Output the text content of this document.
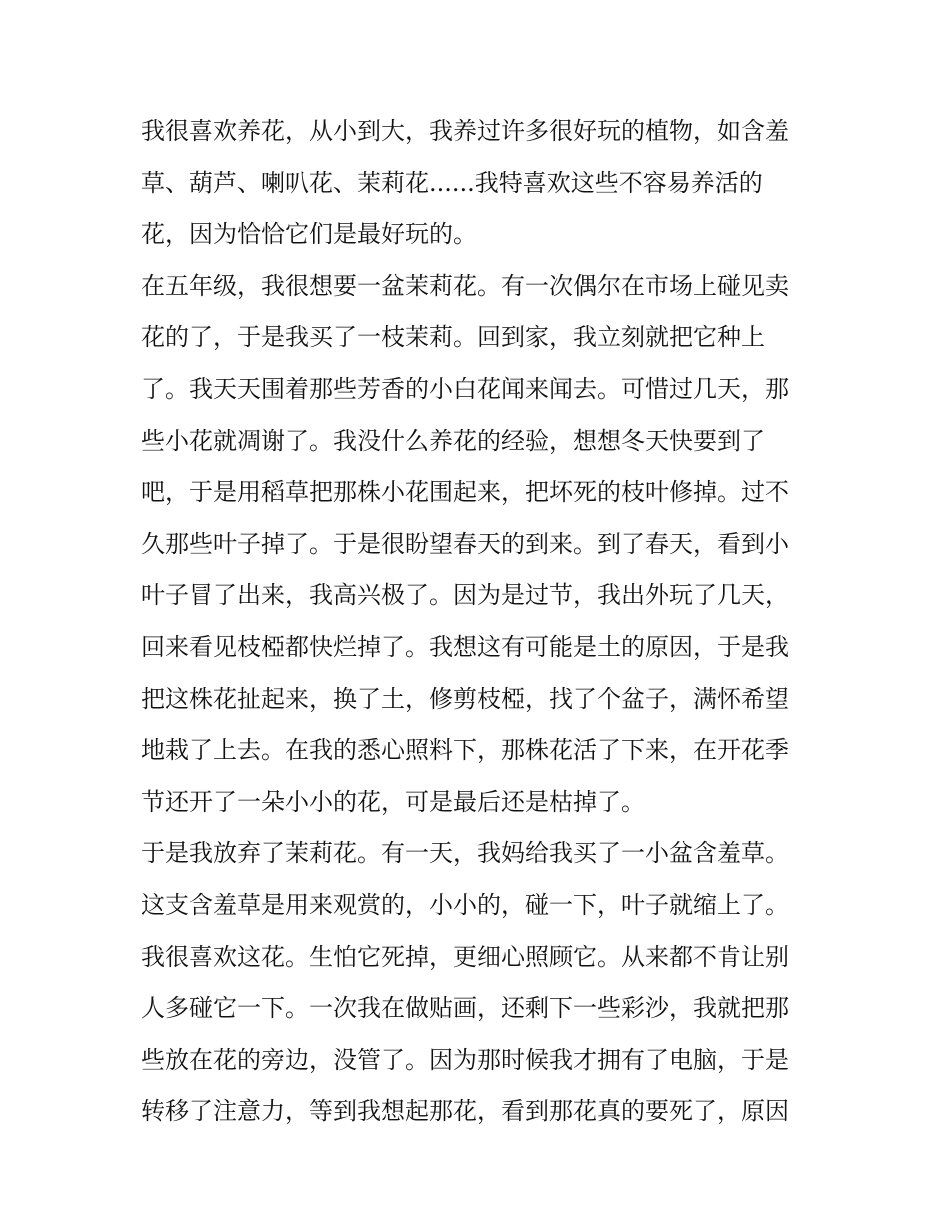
我很喜欢养花，从小到大，我养过许多很好玩的植物，如含羞
草、葫芦、喇叭花、茉莉花......我特喜欢这些不容易养活的
花，因为恰恰它们是最好玩的。
在五年级，我很想要一盆茉莉花。有一次偶尔在市场上碰见卖
花的了，于是我买了一枝茉莉。回到家，我立刻就把它种上
了。我天天围着那些芳香的小白花闻来闻去。可惜过几天，那
些小花就凋谢了。我没什么养花的经验，想想冬天快要到了
吧，于是用稻草把那株小花围起来，把坏死的枝叶修掉。过不
久那些叶子掉了。于是很盼望春天的到来。到了春天，看到小
叶子冒了出来，我高兴极了。因为是过节，我出外玩了几天，
回来看见枝椏都快烂掉了。我想这有可能是土的原因，于是我
把这株花扯起来，换了土，修剪枝椏，找了个盆子，满怀希望
地栽了上去。在我的悉心照料下，那株花活了下来，在开花季
节还开了一朵小小的花，可是最后还是枯掉了。
于是我放弃了茉莉花。有一天，我妈给我买了一小盆含羞草。
这支含羞草是用来观赏的，小小的，碰一下，叶子就缩上了。
我很喜欢这花。生怕它死掉，更细心照顾它。从来都不肯让别
人多碰它一下。一次我在做贴画，还剩下一些彩沙，我就把那
些放在花的旁边，没管了。因为那时候我才拥有了电脑，于是
转移了注意力，等到我想起那花，看到那花真的要死了，原因
